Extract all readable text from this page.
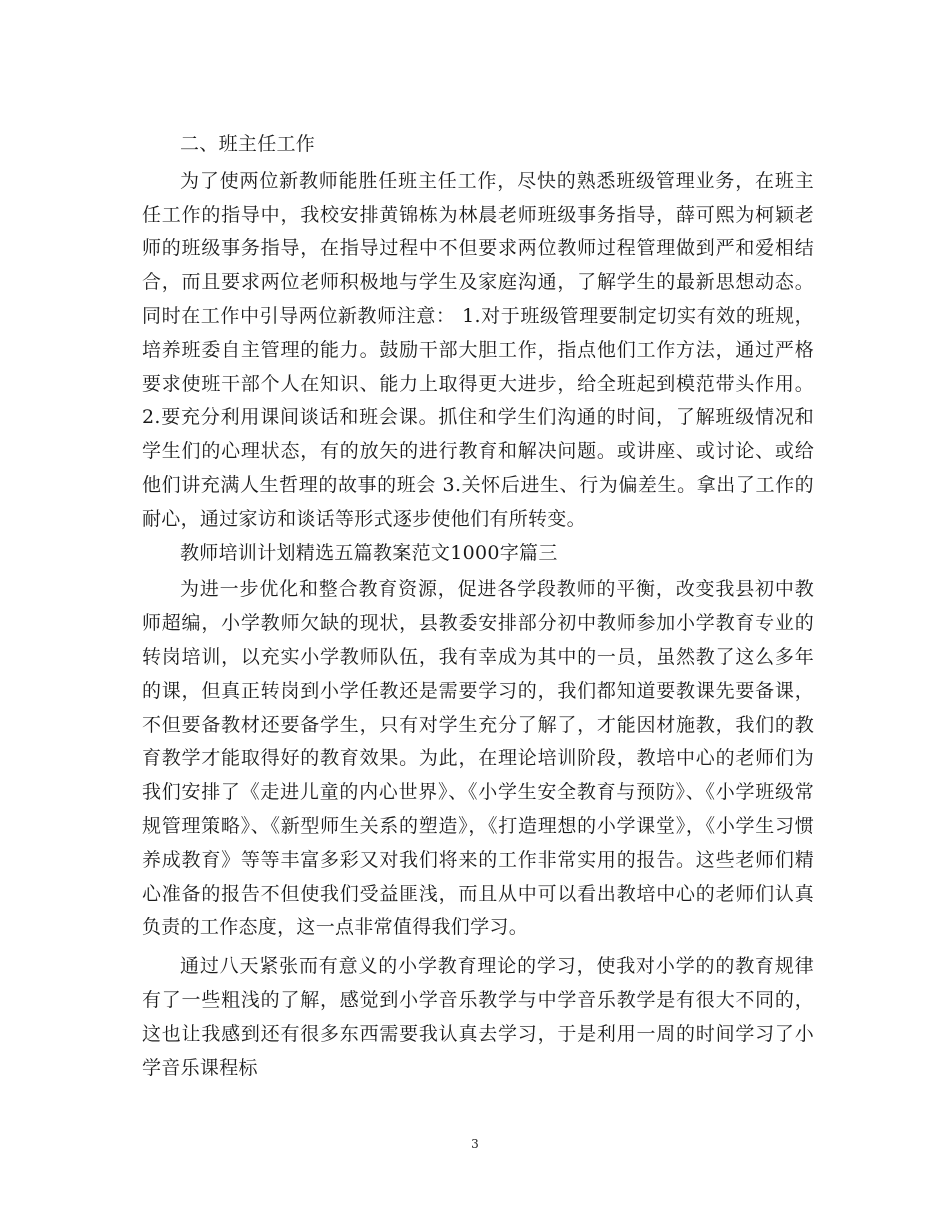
二、班主任工作

为了使两位新教师能胜任班主任工作，尽快的熟悉班级管理业务，在班主任工作的指导中，我校安排黄锦栋为林晨老师班级事务指导，薛可熙为柯颖老师的班级事务指导，在指导过程中不但要求两位教师过程管理做到严和爱相结合，而且要求两位老师积极地与学生及家庭沟通，了解学生的最新思想动态。同时在工作中引导两位新教师注意： 1.对于班级管理要制定切实有效的班规，培养班委自主管理的能力。鼓励干部大胆工作，指点他们工作方法，通过严格要求使班干部个人在知识、能力上取得更大进步，给全班起到模范带头作用。 2.要充分利用课间谈话和班会课。抓住和学生们沟通的时间，了解班级情况和学生们的心理状态，有的放矢的进行教育和解决问题。或讲座、或讨论、或给他们讲充满人生哲理的故事的班会 3.关怀后进生、行为偏差生。拿出了工作的耐心，通过家访和谈话等形式逐步使他们有所转变。

教师培训计划精选五篇教案范文1000字篇三

为进一步优化和整合教育资源，促进各学段教师的平衡，改变我县初中教师超编，小学教师欠缺的现状，县教委安排部分初中教师参加小学教育专业的转岗培训，以充实小学教师队伍，我有幸成为其中的一员，虽然教了这么多年的课，但真正转岗到小学任教还是需要学习的，我们都知道要教课先要备课，不但要备教材还要备学生，只有对学生充分了解了，才能因材施教，我们的教育教学才能取得好的教育效果。为此，在理论培训阶段，教培中心的老师们为我们安排了《走进儿童的内心世界》、《小学生安全教育与预防》、《小学班级常规管理策略》、《新型师生关系的塑造》，《打造理想的小学课堂》，《小学生习惯养成教育》等等丰富多彩又对我们将来的工作非常实用的报告。这些老师们精心准备的报告不但使我们受益匪浅，而且从中可以看出教培中心的老师们认真负责的工作态度，这一点非常值得我们学习。

通过八天紧张而有意义的小学教育理论的学习，使我对小学的的教育规律有了一些粗浅的了解，感觉到小学音乐教学与中学音乐教学是有很大不同的，这也让我感到还有很多东西需要我认真去学习，于是利用一周的时间学习了小学音乐课程标

3
